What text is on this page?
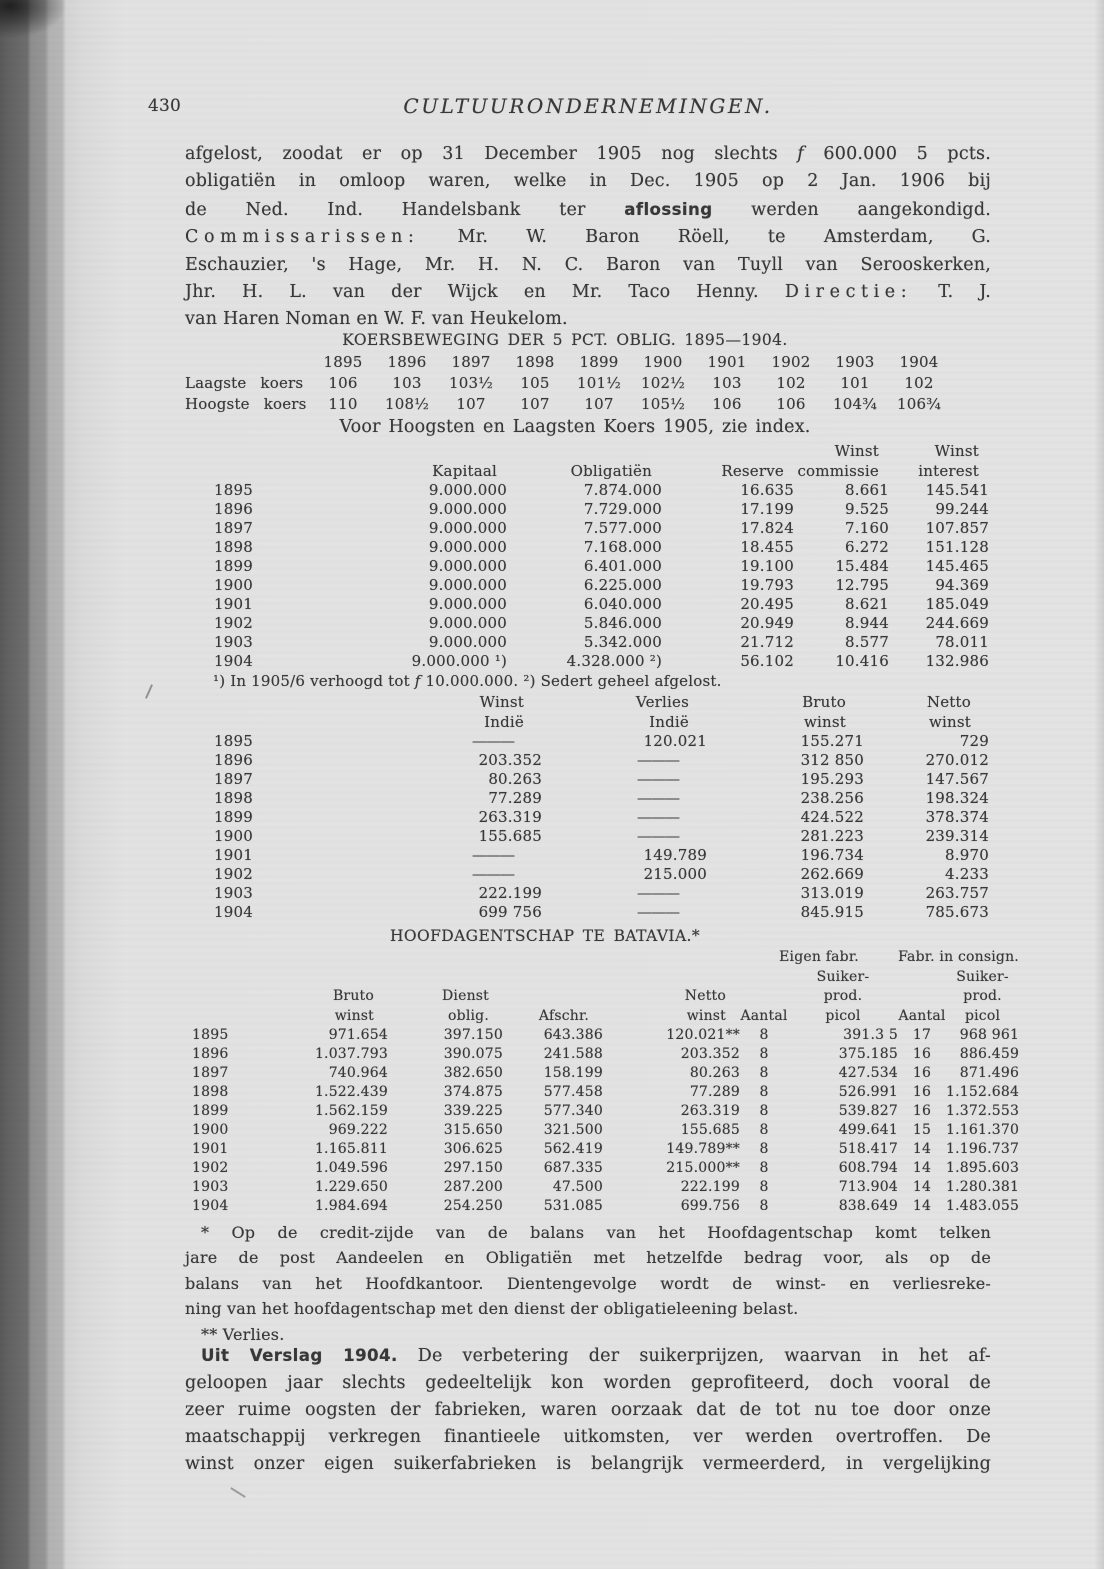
430	CULTUURONDERNEMINGEN.
afgelost, zoodat er op 31 December 1905 nog slechts f 600.000 5 pcts.
obligatiën in omloop waren, welke in Dec. 1905 op 2 Jan. 1906 bij
de Ned. Ind. Handelsbank ter aflossing werden aangekondigd.
Commissarissen: Mr. W. Baron Röell, te Amsterdam, G.
Eschauzier, 's Hage, Mr. H. N. C. Baron van Tuyll van Serooskerken,
Jhr. H. L. van der Wijck en Mr. Taco Henny. Directie: T. J.
van Haren Noman en W. F. van Heukelom.
KOERSBEWEGING DER 5 PCT. OBLIG. 1895—1904.
	1895	1896	1897	1898	1899	1900	1901	1902	1903	1904
Laagste koers	106	103	103½	105	101½	102½	103	102	101	102
Hoogste koers	110	108½	107	107	107	105½	106	106	104¾	106¾
Voor Hoogsten en Laagsten Koers 1905, zie index.
				Winst	Winst
	Kapitaal	Obligatiën	Reserve	commissie	interest
1895	9.000.000	7.874.000	16.635	8.661	145.541
1896	9.000.000	7.729.000	17.199	9.525	99.244
1897	9.000.000	7.577.000	17.824	7.160	107.857
1898	9.000.000	7.168.000	18.455	6.272	151.128
1899	9.000.000	6.401.000	19.100	15.484	145.465
1900	9.000.000	6.225.000	19.793	12.795	94.369
1901	9.000.000	6.040.000	20.495	8.621	185.049
1902	9.000.000	5.846.000	20.949	8.944	244.669
1903	9.000.000	5.342.000	21.712	8.577	78.011
1904	9.000.000 ¹)	4.328.000 ²)	56.102	10.416	132.986
¹) In 1905/6 verhoogd tot f 10.000.000. ²) Sedert geheel afgelost.
	Winst	Verlies	Bruto	Netto
	Indië	Indië	winst	winst
1895	———	120.021	155.271	729
1896	203.352	———	312 850	270.012
1897	80.263	———	195.293	147.567
1898	77.289	———	238.256	198.324
1899	263.319	———	424.522	378.374
1900	155.685	———	281.223	239.314
1901	———	149.789	196.734	8.970
1902	———	215.000	262.669	4.233
1903	222.199	———	313.019	263.757
1904	699 756	———	845.915	785.673
HOOFDAGENTSCHAP TE BATAVIA.*
					Eigen fabr.		Fabr. in consign.	
						Suiker-		Suiker-
	Bruto	Dienst		Netto		prod.		prod.
	winst	oblig.	Afschr.	winst	Aantal	picol	Aantal	picol
1895	971.654	397.150	643.386	120.021**	8	391.3 5	17	968 961
1896	1.037.793	390.075	241.588	203.352	8	375.185	16	886.459
1897	740.964	382.650	158.199	80.263	8	427.534	16	871.496
1898	1.522.439	374.875	577.458	77.289	8	526.991	16	1.152.684
1899	1.562.159	339.225	577.340	263.319	8	539.827	16	1.372.553
1900	969.222	315.650	321.500	155.685	8	499.641	15	1.161.370
1901	1.165.811	306.625	562.419	149.789**	8	518.417	14	1.196.737
1902	1.049.596	297.150	687.335	215.000**	8	608.794	14	1.895.603
1903	1.229.650	287.200	47.500	222.199	8	713.904	14	1.280.381
1904	1.984.694	254.250	531.085	699.756	8	838.649	14	1.483.055
* Op de credit-zijde van de balans van het Hoofdagentschap komt telken
jare de post Aandeelen en Obligatiën met hetzelfde bedrag voor, als op de
balans van het Hoofdkantoor. Dientengevolge wordt de winst- en verliesreke-
ning van het hoofdagentschap met den dienst der obligatieleening belast.
** Verlies.
Uit Verslag 1904. De verbetering der suikerprijzen, waarvan in het af-
geloopen jaar slechts gedeeltelijk kon worden geprofiteerd, doch vooral de
zeer ruime oogsten der fabrieken, waren oorzaak dat de tot nu toe door onze
maatschappij verkregen finantieele uitkomsten, ver werden overtroffen. De
winst onzer eigen suikerfabrieken is belangrijk vermeerderd, in vergelijking
